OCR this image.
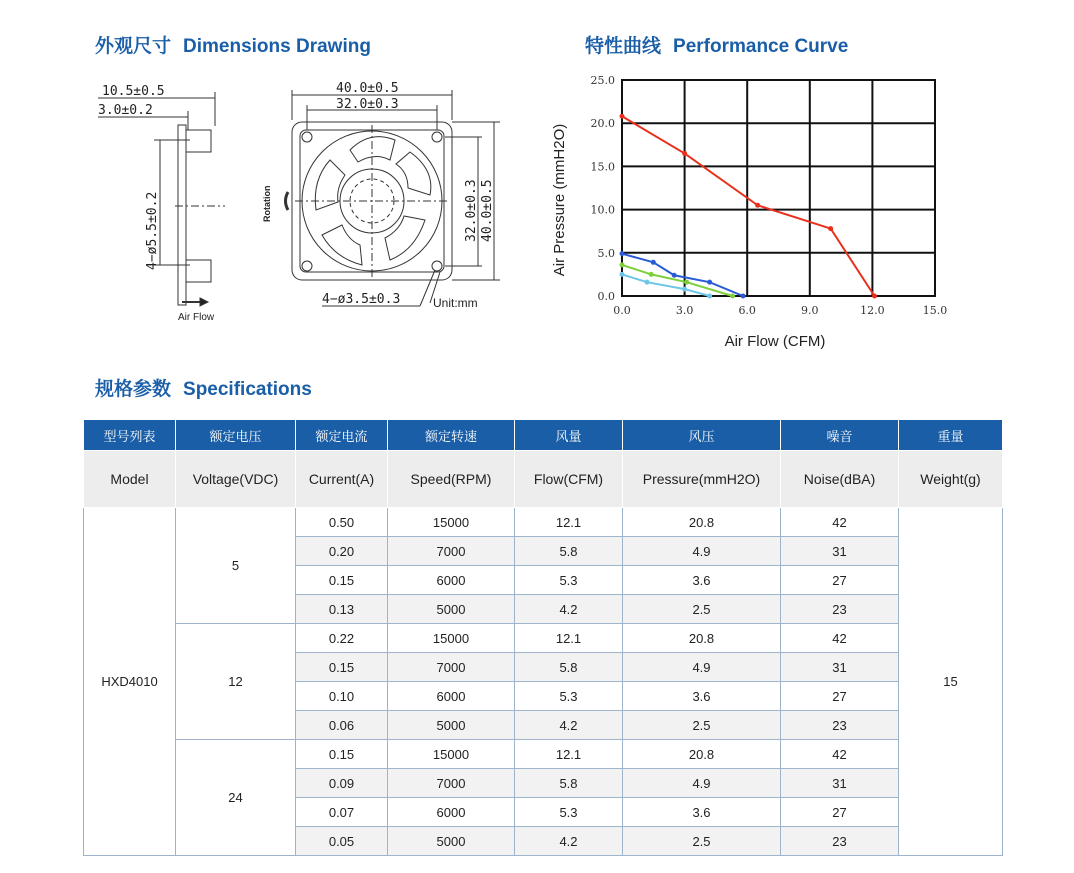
外观尺寸 Dimensions Drawing	特性曲线 Performance Curve
规格参数 Specifications
10.5±0.5
3.0±0.2
4−ø5.5±0.2
Air Flow
40.0±0.5
32.0±0.3
32.0±0.3 40.0±0.5
4−ø3.5±0.3	Unit:mm
Rotation
0.0	3.0	6.0	9.0	12.0	15.0
0.0
5.0
10.0
15.0
20.0
25.0
Air Flow (CFM)
Air Pressure (mmH2O)
型号列表	额定电压	额定电流	额定转速	风量	风压	噪音	重量
Model	Voltage(VDC)	Current(A)	Speed(RPM)	Flow(CFM)	Pressure(mmH2O)	Noise(dBA)	Weight(g)
HXD4010	5	0.50	15000	12.1	20.8	42	15
		0.20	7000	5.8	4.9	31	
		0.15	6000	5.3	3.6	27	
		0.13	5000	4.2	2.5	23	
	12	0.22	15000	12.1	20.8	42	
		0.15	7000	5.8	4.9	31	
		0.10	6000	5.3	3.6	27	
		0.06	5000	4.2	2.5	23	
	24	0.15	15000	12.1	20.8	42	
		0.09	7000	5.8	4.9	31	
		0.07	6000	5.3	3.6	27	
		0.05	5000	4.2	2.5	23	
